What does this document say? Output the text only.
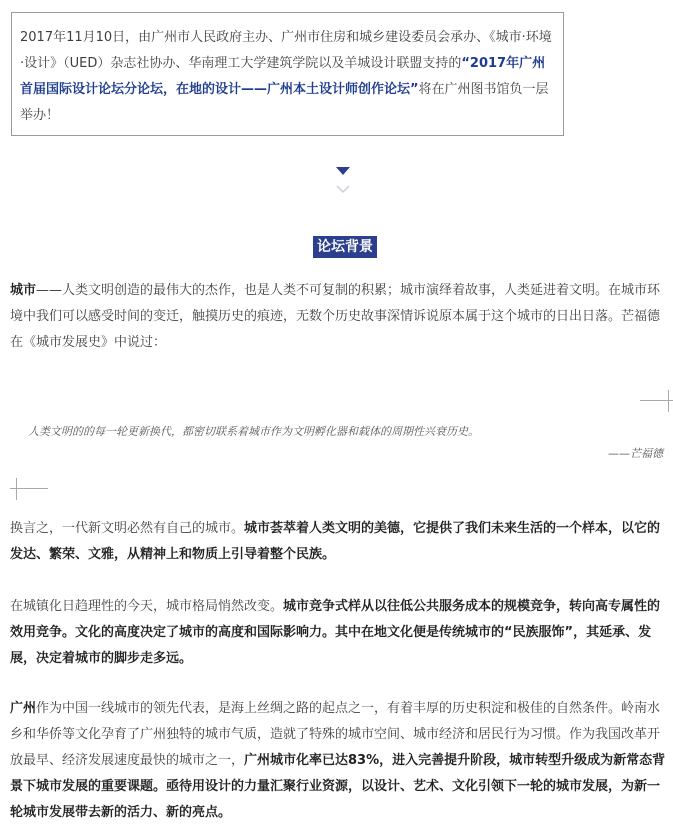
2017年11月10日，由广州市人民政府主办、广州市住房和城乡建设委员会承办、《城市·环境·设计》（UED）杂志社协办、华南理工大学建筑学院以及羊城设计联盟支持的“2017年广州首届国际设计论坛分论坛，在地的设计——广州本土设计师创作论坛”将在广州图书馆负一层举办！
论坛背景

城市——人类文明创造的最伟大的杰作，也是人类不可复制的积累；城市演绎着故事，人类延进着文明。在城市环境中我们可以感受时间的变迁，触摸历史的痕迹，无数个历史故事深情诉说原本属于这个城市的日出日落。芒福德在《城市发展史》中说过：

人类文明的的每一轮更新换代，都密切联系着城市作为文明孵化器和载体的周期性兴衰历史。
——芒福德

换言之，一代新文明必然有自己的城市。城市荟萃着人类文明的美德，它提供了我们未来生活的一个样本，以它的发达、繁荣、文雅，从精神上和物质上引导着整个民族。

在城镇化日趋理性的今天，城市格局悄然改变。城市竞争式样从以往低公共服务成本的规模竞争，转向高专属性的效用竞争。文化的高度决定了城市的高度和国际影响力。其中在地文化便是传统城市的“民族服饰”，其延承、发展，决定着城市的脚步走多远。

广州作为中国一线城市的领先代表，是海上丝绸之路的起点之一，有着丰厚的历史积淀和极佳的自然条件。岭南水乡和华侨等文化孕育了广州独特的城市气质，造就了特殊的城市空间、城市经济和居民行为习惯。作为我国改革开放最早、经济发展速度最快的城市之一，广州城市化率已达83%，进入完善提升阶段，城市转型升级成为新常态背景下城市发展的重要课题。亟待用设计的力量汇聚行业资源，以设计、艺术、文化引领下一轮的城市发展，为新一轮城市发展带去新的活力、新的亮点。
